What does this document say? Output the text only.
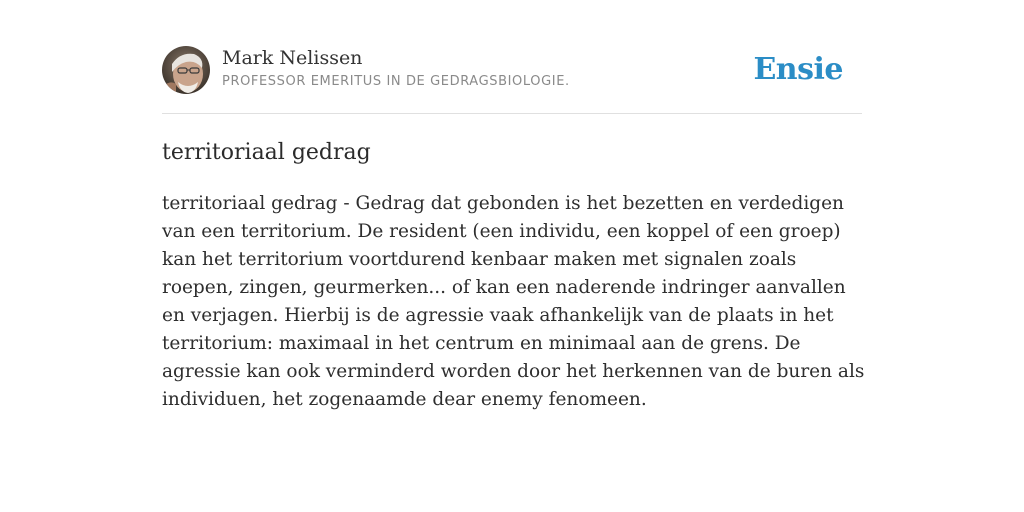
Mark Nelissen
PROFESSOR EMERITUS IN DE GEDRAGSBIOLOGIE.	Ensie
territoriaal gedrag

territoriaal gedrag - Gedrag dat gebonden is het bezetten en verdedigen van een territorium. De resident (een individu, een koppel of een groep) kan het territorium voortdurend kenbaar maken met signalen zoals roepen, zingen, geurmerken... of kan een naderende indringer aanvallen en verjagen. Hierbij is de agressie vaak afhankelijk van de plaats in het territorium: maximaal in het centrum en minimaal aan de grens. De agressie kan ook verminderd worden door het herkennen van de buren als individuen, het zogenaamde dear enemy fenomeen.
